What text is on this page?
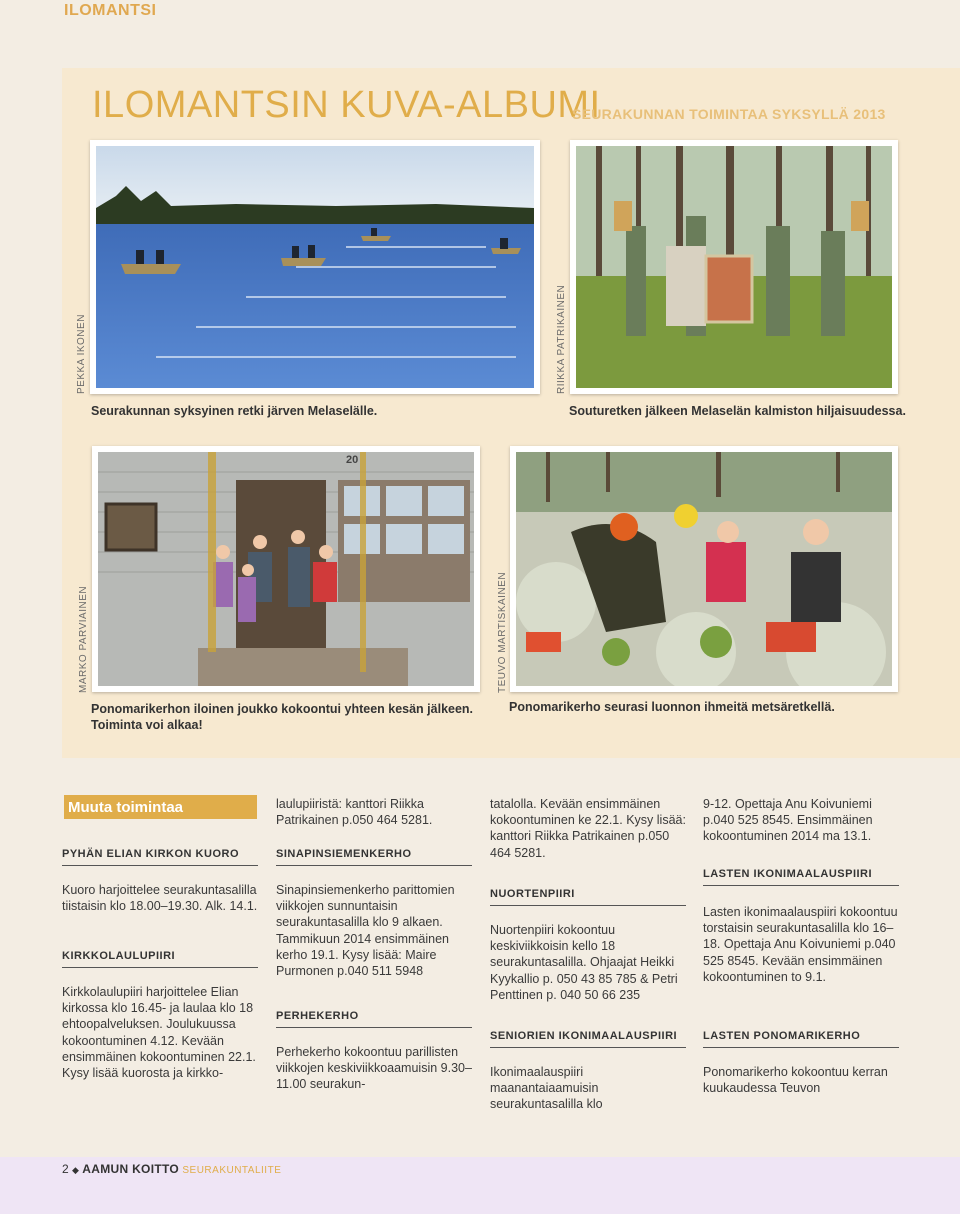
ILOMANTSI
ILOMANTSIN KUVA-ALBUMI
SEURAKUNNAN TOIMINTAA SYKSYLLÄ 2013
PEKKA IKONEN
Seurakunnan syksyinen retki järven Melaselälle.
RIIKKA PATRIKAINEN
Souturetken jälkeen Melaselän kalmiston hiljaisuudessa.
20
MARKO PARVIAINEN
Ponomarikerhon iloinen joukko kokoontui yhteen kesän jälkeen.
Toiminta voi alkaa!
TEUVO MARTISKAINEN
Ponomarikerho seurasi luonnon ihmeitä metsäretkellä.
Muuta toimintaa
PYHÄN ELIAN KIRKON KUORO

Kuoro harjoittelee seurakuntasalilla tiistaisin klo 18.00–19.30. Alk. 14.1.

KIRKKOLAULUPIIRI

Kirkkolaulupiiri harjoittelee Elian kirkossa klo 16.45- ja laulaa klo 18 ehtoopalveluksen. Joulukuussa kokoontuminen 4.12. Kevään ensimmäinen kokoontuminen 22.1. Kysy lisää kuorosta ja kirkko-

laulupiiristä: kanttori Riikka Patrikainen p.050 464 5281.

SINAPINSIEMENKERHO

Sinapinsiemenkerho parittomien viikkojen sunnuntaisin seurakuntasalilla klo 9 alkaen. Tammikuun 2014 ensimmäinen kerho 19.1. Kysy lisää: Maire Purmonen p.040 511 5948

PERHEKERHO

Perhekerho kokoontuu parillisten viikkojen keskiviikkoaamuisin 9.30–11.00 seurakun-

tatalolla. Kevään ensimmäinen kokoontuminen ke 22.1. Kysy lisää: kanttori Riikka Patrikainen p.050 464 5281.

NUORTENPIIRI

Nuortenpiiri kokoontuu keskiviikkoisin kello 18 seurakuntasalilla. Ohjaajat Heikki Kyykallio p. 050 43 85 785 & Petri Penttinen p. 040 50 66 235

SENIORIEN IKONIMAALAUSPIIRI

Ikonimaalauspiiri maanantaiaamuisin seurakuntasalilla klo

9-12. Opettaja Anu Koivuniemi p.040 525 8545. Ensimmäinen kokoontuminen 2014 ma 13.1.

LASTEN IKONIMAALAUSPIIRI

Lasten ikonimaalauspiiri kokoontuu torstaisin seurakuntasalilla klo 16–18. Opettaja Anu Koivuniemi p.040 525 8545. Kevään ensimmäinen kokoontuminen to 9.1.

LASTEN PONOMARIKERHO

Ponomarikerho kokoontuu kerran kuukaudessa Teuvon

2 ◆ AAMUN KOITTO SEURAKUNTALIITE
